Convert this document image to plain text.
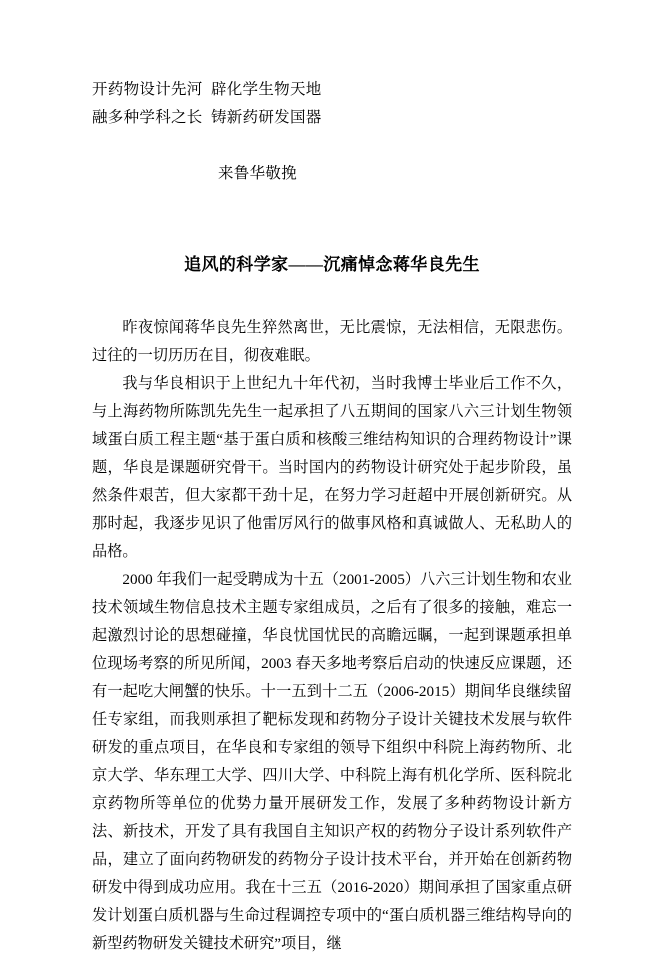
开药物设计先河  辟化学生物天地
融多种学科之长  铸新药研发国器
来鲁华敬挽
追风的科学家——沉痛悼念蒋华良先生

昨夜惊闻蒋华良先生猝然离世，无比震惊，无法相信，无限悲伤。过往的一切历历在目，彻夜难眠。

我与华良相识于上世纪九十年代初，当时我博士毕业后工作不久，与上海药物所陈凯先先生一起承担了八五期间的国家八六三计划生物领域蛋白质工程主题“基于蛋白质和核酸三维结构知识的合理药物设计”课题，华良是课题研究骨干。当时国内的药物设计研究处于起步阶段，虽然条件艰苦，但大家都干劲十足，在努力学习赶超中开展创新研究。从那时起，我逐步见识了他雷厉风行的做事风格和真诚做人、无私助人的品格。

2000 年我们一起受聘成为十五（2001-2005）八六三计划生物和农业技术领域生物信息技术主题专家组成员，之后有了很多的接触，难忘一起激烈讨论的思想碰撞，华良忧国忧民的高瞻远瞩，一起到课题承担单位现场考察的所见所闻，2003 春天多地考察后启动的快速反应课题，还有一起吃大闸蟹的快乐。十一五到十二五（2006-2015）期间华良继续留任专家组，而我则承担了靶标发现和药物分子设计关键技术发展与软件研发的重点项目，在华良和专家组的领导下组织中科院上海药物所、北京大学、华东理工大学、四川大学、中科院上海有机化学所、医科院北京药物所等单位的优势力量开展研发工作，发展了多种药物设计新方法、新技术，开发了具有我国自主知识产权的药物分子设计系列软件产品，建立了面向药物研发的药物分子设计技术平台，并开始在创新药物研发中得到成功应用。我在十三五（2016-2020）期间承担了国家重点研发计划蛋白质机器与生命过程调控专项中的“蛋白质机器三维结构导向的新型药物研发关键技术研究”项目，继
